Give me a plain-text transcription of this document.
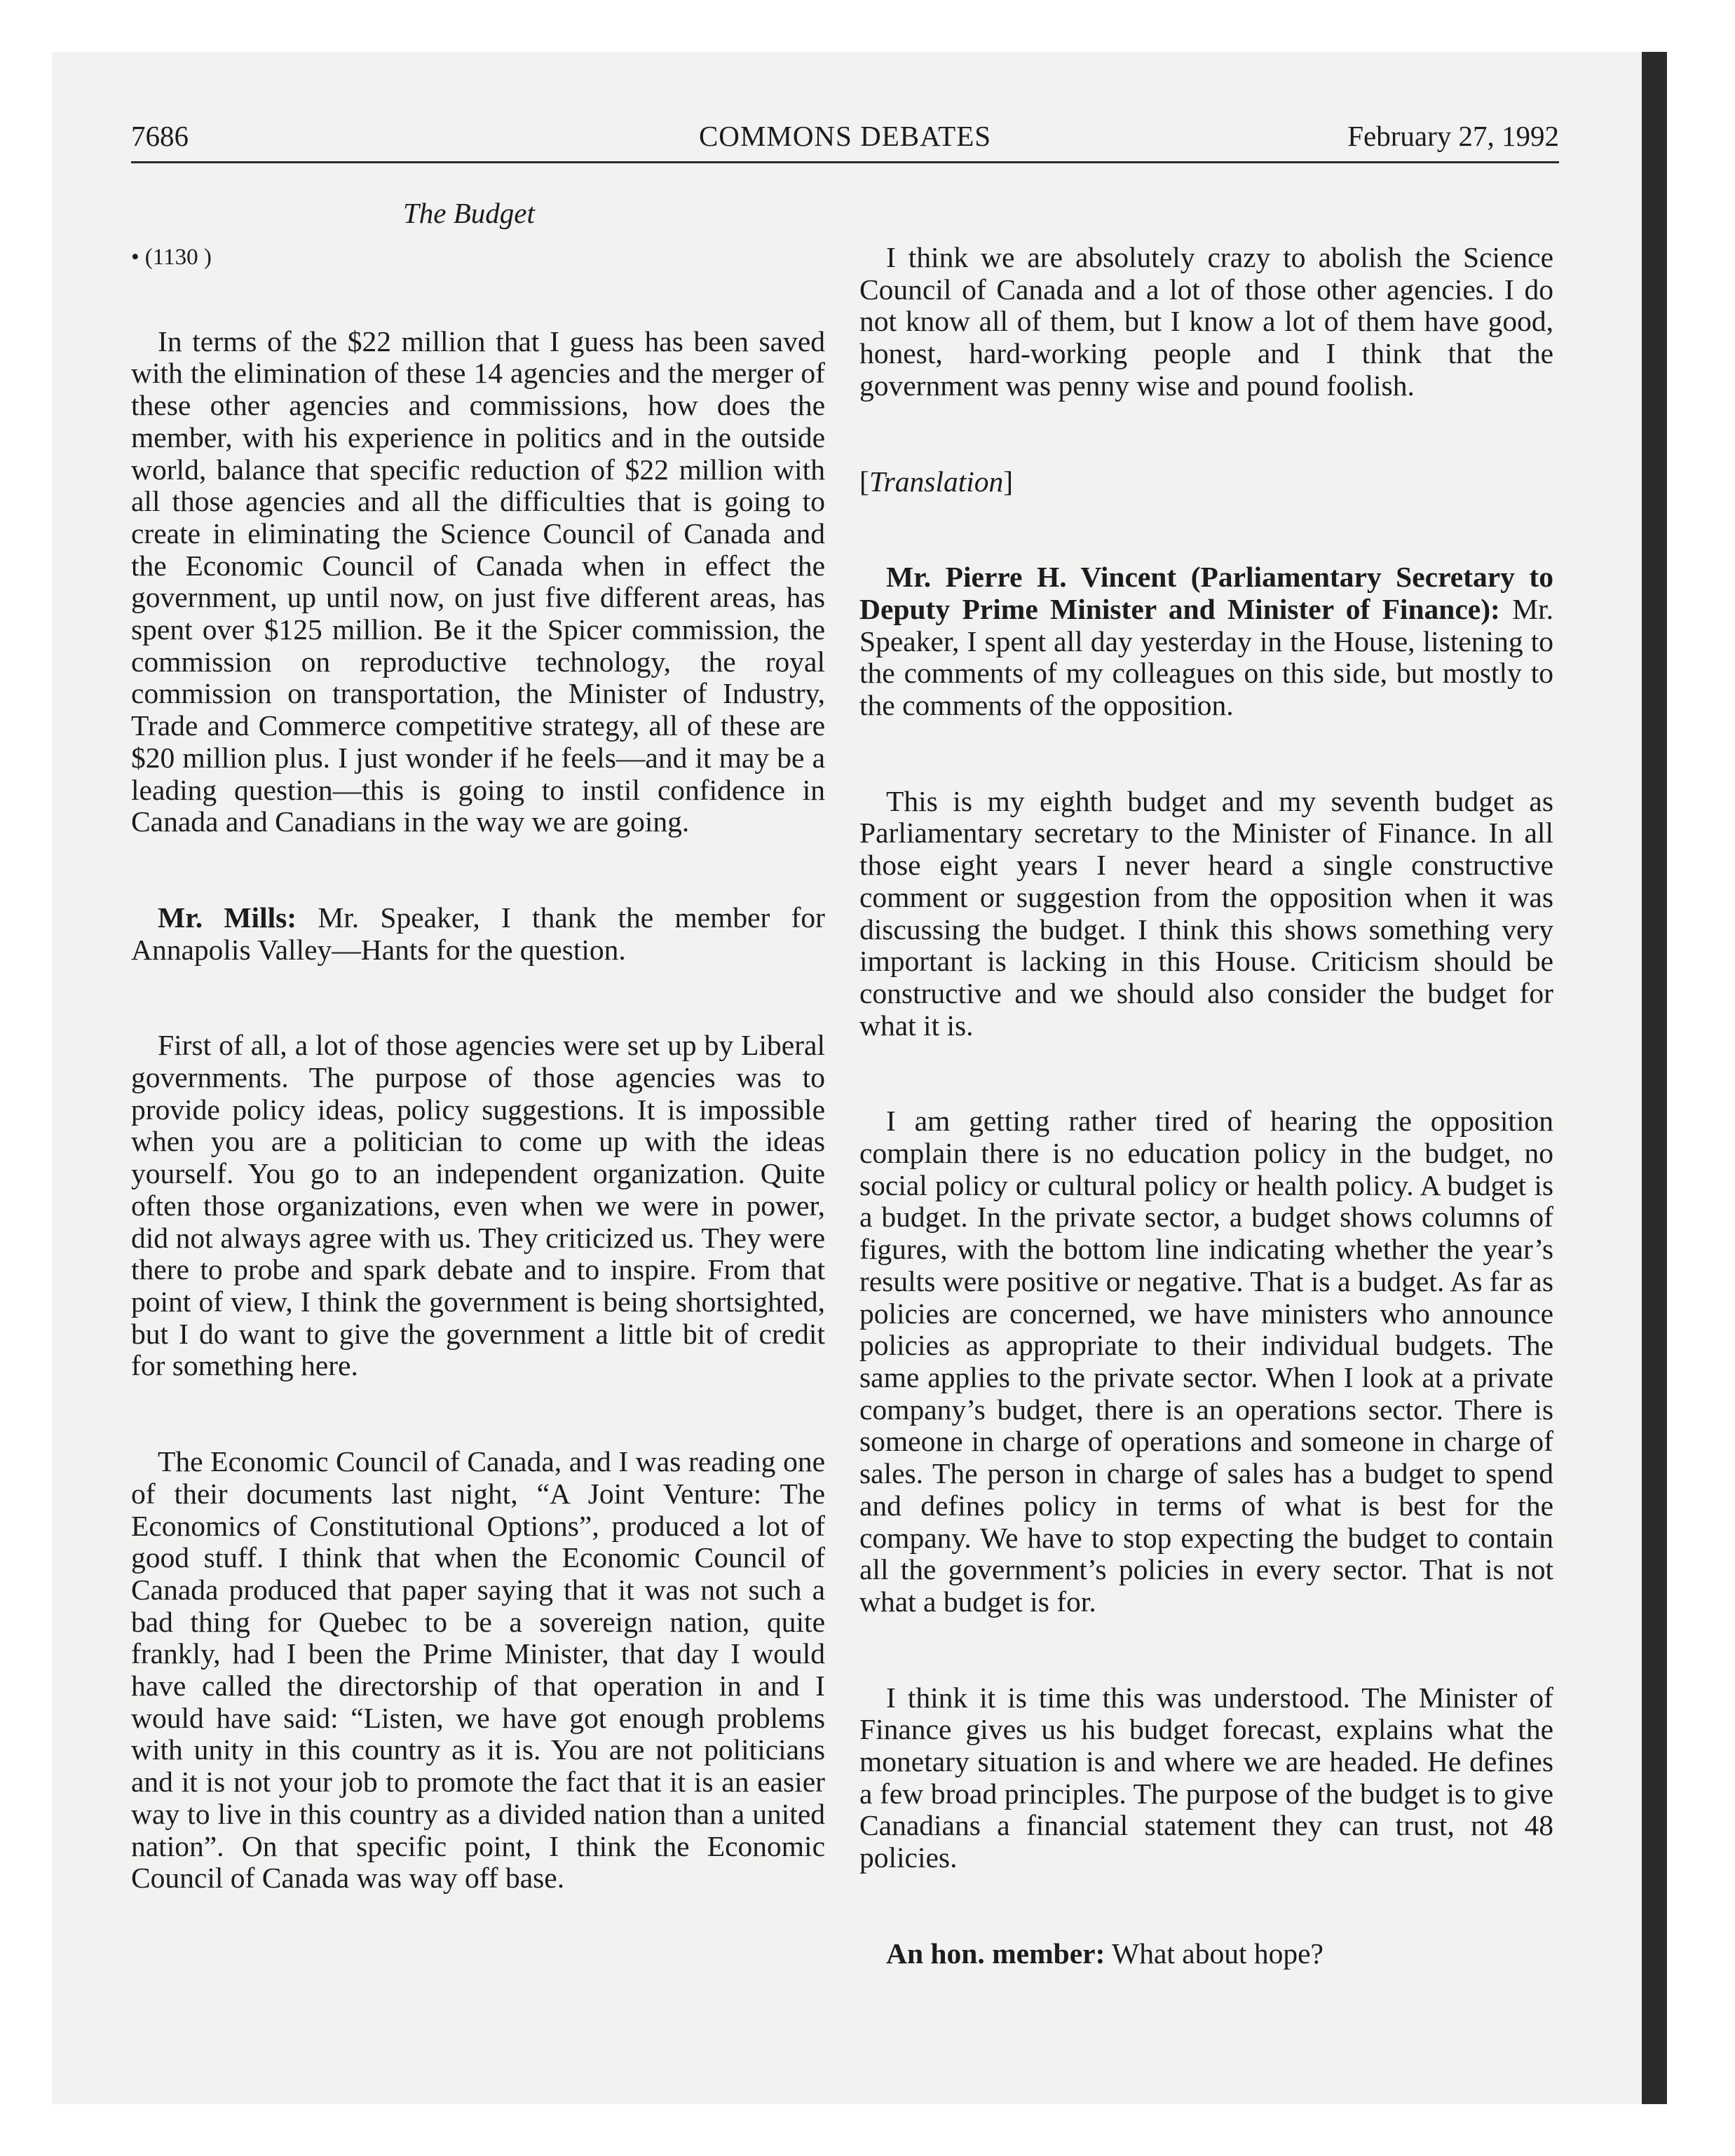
7686	COMMONS DEBATES	February 27, 1992
The Budget

• (1130 )

In terms of the $22 million that I guess has been saved with the elimination of these 14 agencies and the merger of these other agencies and commissions, how does the member, with his experience in politics and in the outside world, balance that specific reduction of $22 million with all those agencies and all the difficulties that is going to create in eliminating the Science Council of Canada and the Economic Council of Canada when in effect the government, up until now, on just five different areas, has spent over $125 million. Be it the Spicer commission, the commission on reproductive technology, the royal commission on transportation, the Minister of Industry, Trade and Commerce competitive strategy, all of these are $20 million plus. I just wonder if he feels—and it may be a leading question—this is going to instil confidence in Canada and Canadians in the way we are going.

Mr. Mills: Mr. Speaker, I thank the member for Annapolis Valley—Hants for the question.

First of all, a lot of those agencies were set up by Liberal governments. The purpose of those agencies was to provide policy ideas, policy suggestions. It is impossible when you are a politician to come up with the ideas yourself. You go to an independent organization. Quite often those organizations, even when we were in power, did not always agree with us. They criticized us. They were there to probe and spark debate and to inspire. From that point of view, I think the government is being shortsighted, but I do want to give the government a little bit of credit for something here.

The Economic Council of Canada, and I was reading one of their documents last night, “A Joint Venture: The Economics of Constitutional Options”, produced a lot of good stuff. I think that when the Economic Council of Canada produced that paper saying that it was not such a bad thing for Quebec to be a sovereign nation, quite frankly, had I been the Prime Minister, that day I would have called the directorship of that operation in and I would have said: “Listen, we have got enough problems with unity in this country as it is. You are not politicians and it is not your job to promote the fact that it is an easier way to live in this country as a divided nation than a united nation”. On that specific point, I think the Economic Council of Canada was way off base.

I think we are absolutely crazy to abolish the Science Council of Canada and a lot of those other agencies. I do not know all of them, but I know a lot of them have good, honest, hard-working people and I think that the government was penny wise and pound foolish.

[ Translation ]

Mr. Pierre H. Vincent (Parliamentary Secretary to Deputy Prime Minister and Minister of Finance): Mr. Speaker, I spent all day yesterday in the House, listening to the comments of my colleagues on this side, but mostly to the comments of the opposition.

This is my eighth budget and my seventh budget as Parliamentary secretary to the Minister of Finance. In all those eight years I never heard a single constructive comment or suggestion from the opposition when it was discussing the budget. I think this shows something very important is lacking in this House. Criticism should be constructive and we should also consider the budget for what it is.

I am getting rather tired of hearing the opposition complain there is no education policy in the budget, no social policy or cultural policy or health policy. A budget is a budget. In the private sector, a budget shows columns of figures, with the bottom line indicating whether the year’s results were positive or negative. That is a budget. As far as policies are concerned, we have ministers who announce policies as appropriate to their individual budgets. The same applies to the private sector. When I look at a private company’s budget, there is an operations sector. There is someone in charge of operations and someone in charge of sales. The person in charge of sales has a budget to spend and defines policy in terms of what is best for the company. We have to stop expecting the budget to contain all the government’s policies in every sector. That is not what a budget is for.

I think it is time this was understood. The Minister of Finance gives us his budget forecast, explains what the monetary situation is and where we are headed. He defines a few broad principles. The purpose of the budget is to give Canadians a financial statement they can trust, not 48 policies.

An hon. member: What about hope?
